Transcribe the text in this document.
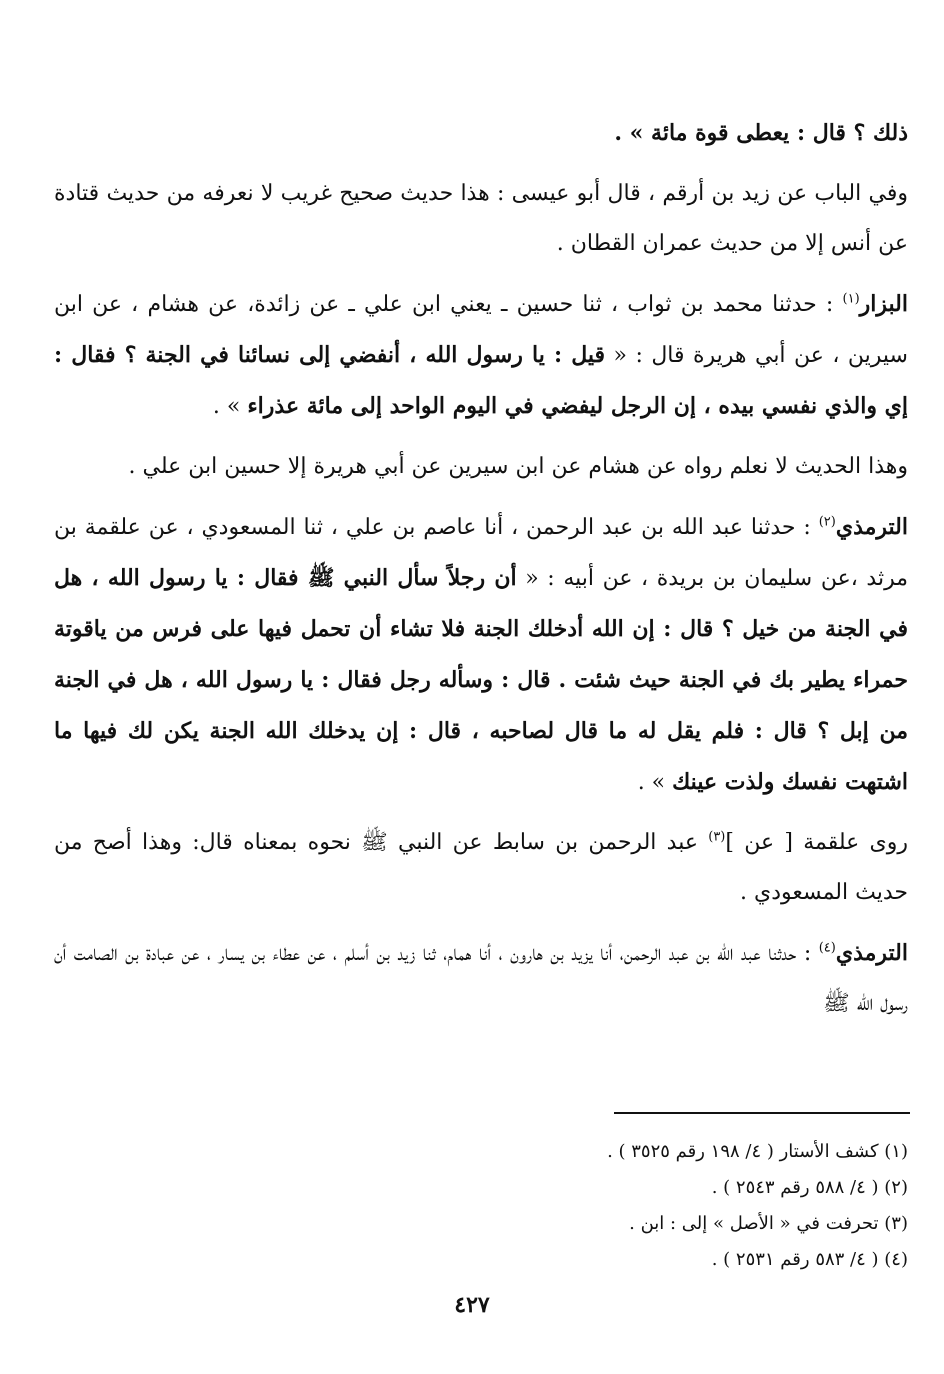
ذلك ؟ قال : يعطى قوة مائة » .

وفي الباب عن زيد بن أرقم ، قال أبو عيسى : هذا حديث صحيح غريب لا نعرفه من حديث قتادة عن أنس إلا من حديث عمران القطان .

البزار$^{(١)}$ : حدثنا محمد بن ثواب ، ثنا حسين ـ يعني ابن علي ـ عن زائدة، عن هشام ، عن ابن سيرين ، عن أبي هريرة قال : « قيل : يا رسول الله ، أنفضي إلى نسائنا في الجنة ؟ فقال : إي والذي نفسي بيده ، إن الرجل ليفضي في اليوم الواحد إلى مائة عذراء » .

وهذا الحديث لا نعلم رواه عن هشام عن ابن سيرين عن أبي هريرة إلا حسين ابن علي .

الترمذي$^{(٢)}$ : حدثنا عبد الله بن عبد الرحمن ، أنا عاصم بن علي ، ثنا المسعودي ، عن علقمة بن مرثد ،عن سليمان بن بريدة ، عن أبيه : « أن رجلاً سأل النبي ﷺ فقال : يا رسول الله ، هل في الجنة من خيل ؟ قال : إن الله أدخلك الجنة فلا تشاء أن تحمل فيها على فرس من ياقوتة حمراء يطير بك في الجنة حيث شئت . قال : وسأله رجل فقال : يا رسول الله ، هل في الجنة من إبل ؟ قال : فلم يقل له ما قال لصاحبه ، قال : إن يدخلك الله الجنة يكن لك فيها ما اشتهت نفسك ولذت عينك » .

روى علقمة [ عن ]$^{(٣)}$ عبد الرحمن بن سابط عن النبي ﷺ نحوه بمعناه قال: وهذا أصح من حديث المسعودي .

الترمذي$^{(٤)}$ : حدثنا عبد الله بن عبد الرحمن، أنا يزيد بن هارون ، أنا همام، ثنا زيد بن أسلم ، عن عطاء بن يسار ، عن عبادة بن الصامت أن رسول الله ﷺ

(١) كشف الأستار ( ٤/ ١٩٨ رقم ٣٥٢٥ ) .

(٢) ( ٤/ ٥٨٨ رقم ٢٥٤٣ ) .

(٣) تحرفت في « الأصل » إلى : ابن .

(٤) ( ٤/ ٥٨٣ رقم ٢٥٣١ ) .

٤٢٧
